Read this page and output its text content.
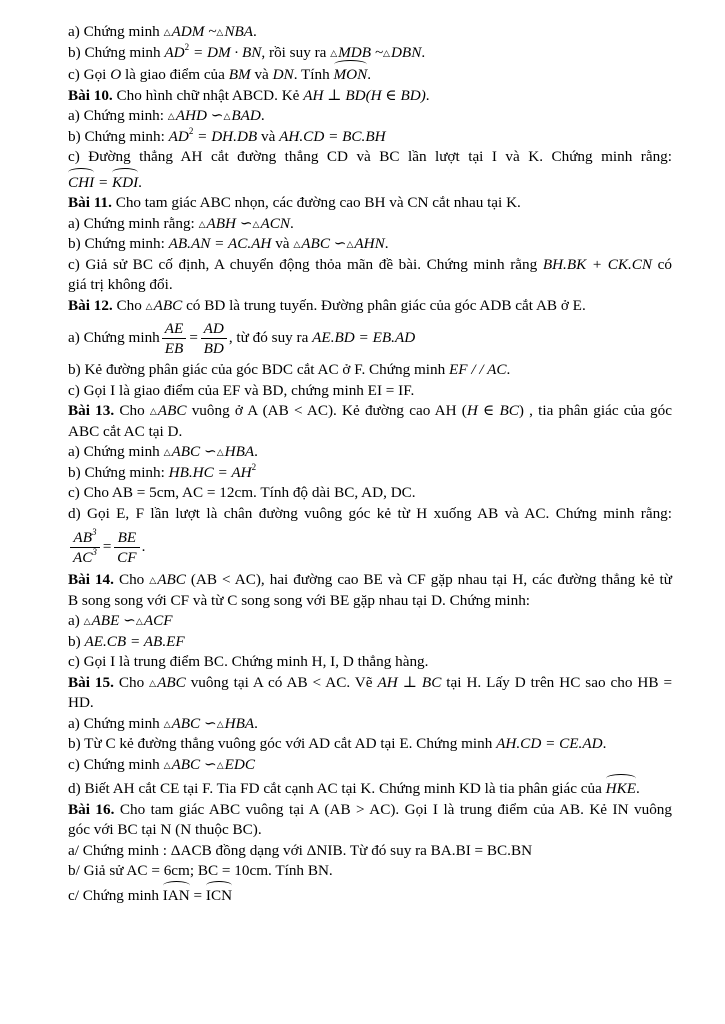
a) Chứng minh △ADM ~△NBA.
b) Chứng minh $AD^2$ = DM · BN, rồi suy ra △MDB ~△DBN.
c) Gọi O là giao điểm của BM và DN. Tính MON.
Bài 10. Cho hình chữ nhật ABCD. Kẻ AH ⊥ BD(H ∈ BD).
a) Chứng minh: △AHD ∽△BAD.
b) Chứng minh: $AD^2 = DH.DB$ và AH.CD = BC.BH
c) Đường thẳng AH cắt đường thẳng CD và BC lần lượt tại I và K. Chứng minh rằng:
CHI = KDI.
Bài 11. Cho tam giác ABC nhọn, các đường cao BH và CN cắt nhau tại K.
a) Chứng minh rằng: △ABH ∽△ACN.
b) Chứng minh: AB.AN = AC.AH và △ABC ∽△AHN.
c) Giả sử BC cố định, A chuyển động thỏa mãn đề bài. Chứng minh rằng BH.BK + CK.CN có
giá trị không đổi.
Bài 12. Cho △ABC có BD là trung tuyến. Đường phân giác của góc ADB cắt AB ở E.
a) Chứng minh $\frac{AE}{EB} = \frac{AD}{BD}$ , từ đó suy ra
AE.BD = EB.AD
b) Kẻ đường phân giác của góc BDC cắt AC ở F. Chứng minh EF / / AC.
c) Gọi I là giao điểm của EF và BD, chứng minh EI = IF.
Bài 13. Cho △ABC vuông ở A (AB < AC). Kẻ đường cao AH (H ∈ BC) , tia phân giác của góc
ABC cắt AC tại D.
a) Chứng minh △ABC ∽△HBA.
b) Chứng minh: $HB.HC = AH^2$
c) Cho AB = 5cm, AC = 12cm. Tính độ dài BC, AD, DC.
d) Gọi E, F lần lượt là chân đường vuông góc kẻ từ H xuống AB và AC. Chứng minh rằng:
$\frac{AB^3}{AC^3} = \frac{BE}{CF}$ .
Bài 14. Cho △ABC (AB < AC), hai đường cao BE và CF gặp nhau tại H, các đường thẳng kẻ từ
B song song với CF và từ C song song với BE gặp nhau tại D. Chứng minh:
a) △ABE ∽△ACF
b) AE.CB = AB.EF
c) Gọi I là trung điểm BC. Chứng minh H, I, D thẳng hàng.
Bài 15. Cho △ABC vuông tại A có AB < AC. Vẽ AH ⊥ BC tại H. Lấy D trên HC sao cho HB =
HD.
a) Chứng minh △ABC ∽△HBA.
b) Từ C kẻ đường thẳng vuông góc với AD cắt AD tại E. Chứng minh AH.CD = CE.AD.
c) Chứng minh △ABC ∽△EDC
d) Biết AH cắt CE tại F. Tia FD cắt cạnh AC tại K. Chứng minh KD là tia phân giác của HKE.
Bài 16. Cho tam giác ABC vuông tại A (AB > AC). Gọi I là trung điểm của AB. Kẻ IN vuông
góc với BC tại N (N thuộc BC).
a/ Chứng minh : ΔACB đồng dạng với ΔNIB. Từ đó suy ra BA.BI = BC.BN
b/ Giả sử AC = 6cm; BC = 10cm. Tính BN.
c/ Chứng minh IAN = ICN
